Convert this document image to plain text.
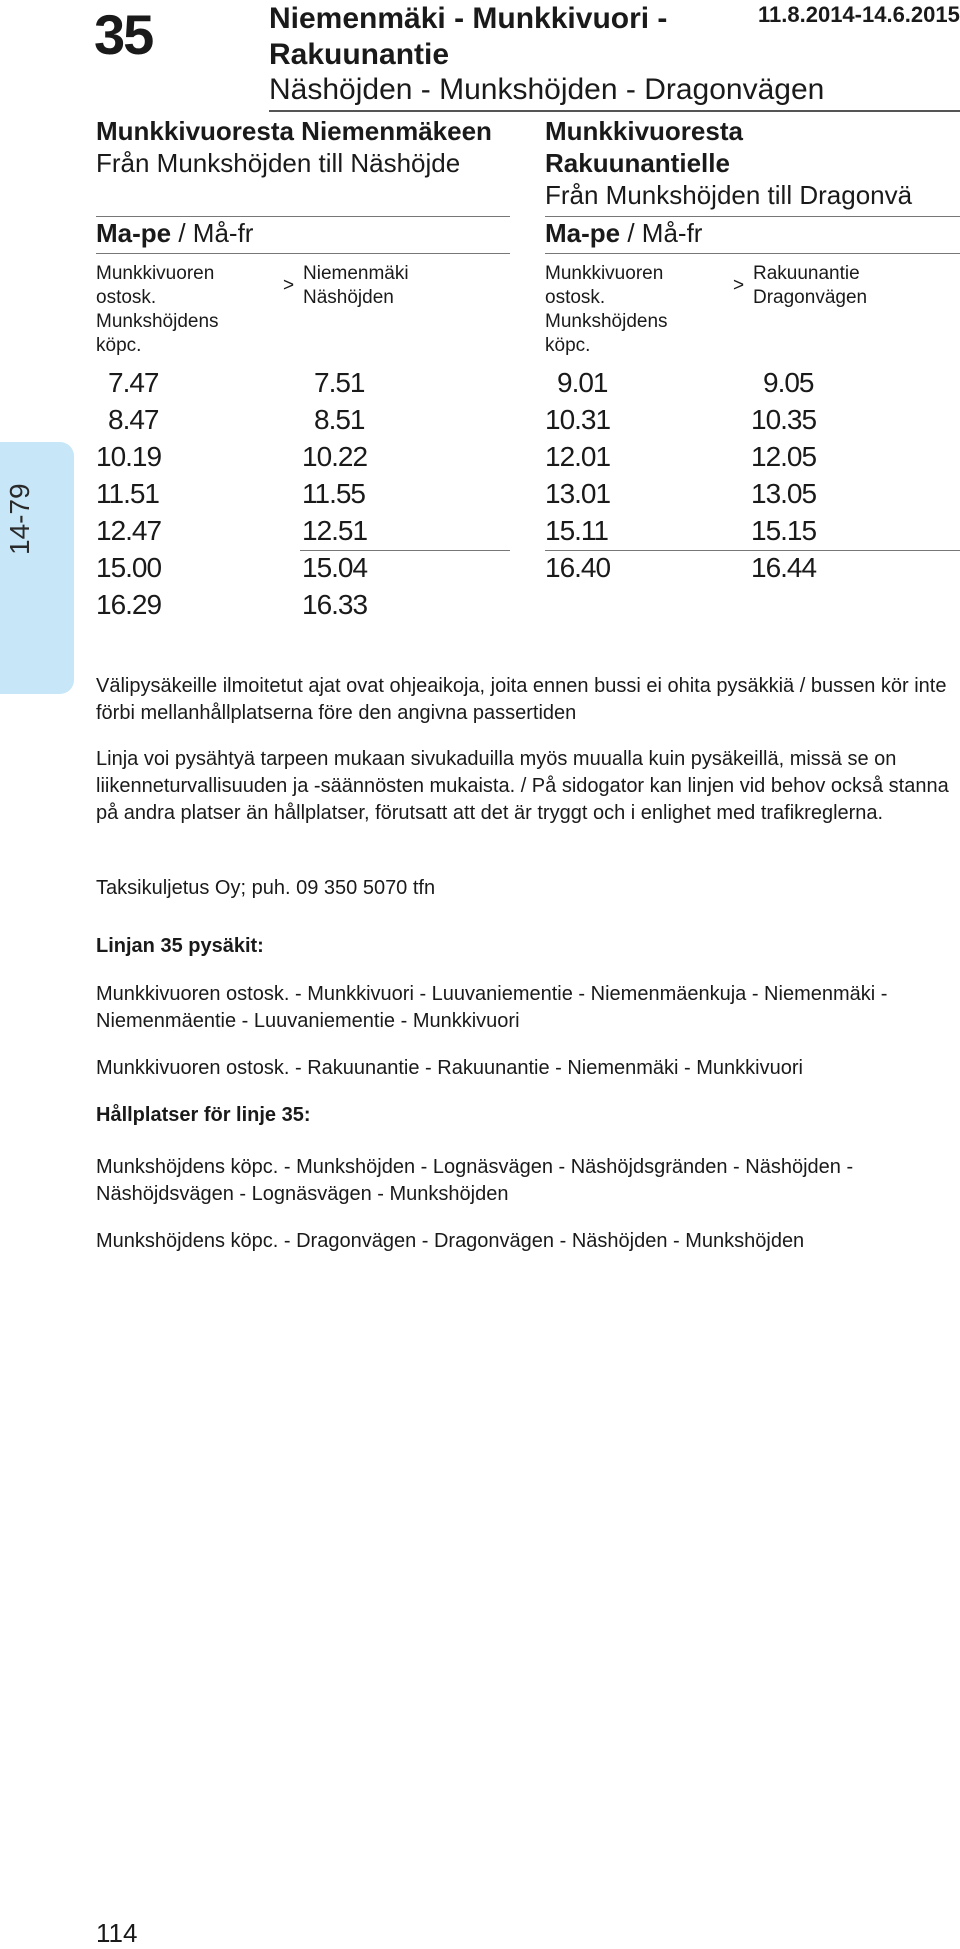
35	Niemenmäki - Munkkivuori - Rakuunantie
Näshöjden - Munkshöjden - Dragonvägen
11.8.2014-14.6.2015
14-79
Munkkivuoresta Niemenmäkeen
Från Munkshöjden till Näshöjde
Ma-pe / Må-fr
Munkkivuoren
ostosk.
Munkshöjdens
köpc.
>
Niemenmäki
Näshöjden
7.47	7.51
8.47	8.51
10.19	10.22
11.51	11.55
12.47	12.51
15.00	15.04
16.29	16.33
Munkkivuoresta
Rakuunantielle
Från Munkshöjden till Dragonvä
Ma-pe / Må-fr
Munkkivuoren
ostosk.
Munkshöjdens
köpc.
>
Rakuunantie
Dragonvägen
9.01	9.05
10.31	10.35
12.01	12.05
13.01	13.05
15.11	15.15
16.40	16.44
Välipysäkeille ilmoitetut ajat ovat ohjeaikoja, joita ennen bussi ei ohita pysäkkiä / bussen kör inte förbi mellanhållplatserna före den angivna passertiden
Linja voi pysähtyä tarpeen mukaan sivukaduilla myös muualla kuin pysäkeillä, missä se on liikenneturvallisuuden ja -säännösten mukaista. / På sidogator kan linjen vid behov också stanna på andra platser än hållplatser, förutsatt att det är tryggt och i enlighet med trafikreglerna.
Taksikuljetus Oy; puh. 09 350 5070 tfn
Linjan 35 pysäkit:
Munkkivuoren ostosk. - Munkkivuori - Luuvaniementie - Niemenmäenkuja - Niemenmäki - Niemenmäentie - Luuvaniementie - Munkkivuori
Munkkivuoren ostosk. - Rakuunantie - Rakuunantie - Niemenmäki - Munkkivuori
Hållplatser för linje 35:
Munkshöjdens köpc. - Munkshöjden - Lognäsvägen - Näshöjdsgränden - Näshöjden - Näshöjdsvägen - Lognäsvägen - Munkshöjden
Munkshöjdens köpc. - Dragonvägen - Dragonvägen - Näshöjden - Munkshöjden
114
